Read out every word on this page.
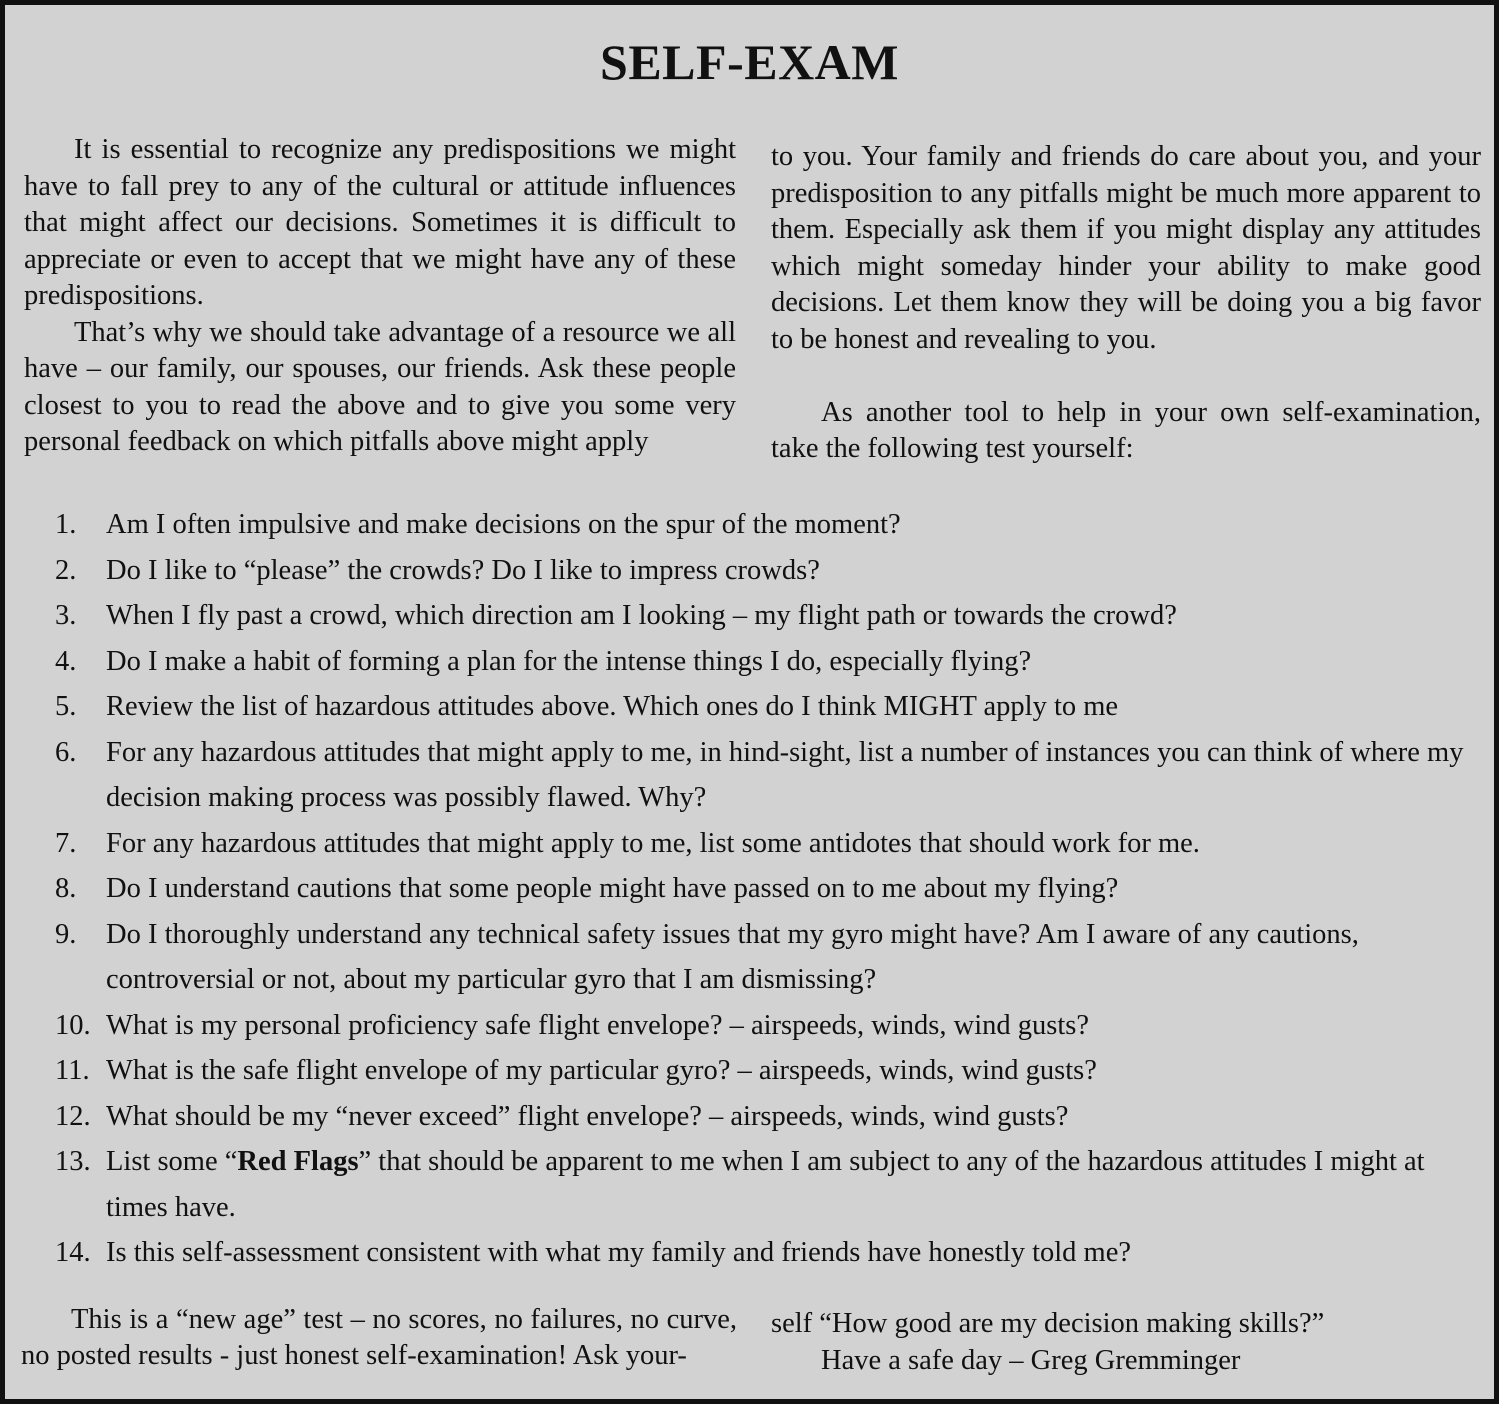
SELF-EXAM

It is essential to recognize any predispositions we might have to fall prey to any of the cultural or attitude influences that might affect our decisions. Sometimes it is difficult to appreciate or even to accept that we might have any of these predispositions.

That’s why we should take advantage of a resource we all have – our family, our spouses, our friends. Ask these people closest to you to read the above and to give you some very personal feedback on which pitfalls above might apply

to you. Your family and friends do care about you, and your predisposition to any pitfalls might be much more apparent to them. Especially ask them if you might display any attitudes which might someday hinder your ability to make good decisions. Let them know they will be doing you a big favor to be honest and revealing to you.

As another tool to help in your own self-examination, take the following test yourself:

1.	Am I often impulsive and make decisions on the spur of the moment?
2.	Do I like to “please” the crowds? Do I like to impress crowds?
3.	When I fly past a crowd, which direction am I looking – my flight path or towards the crowd?
4.	Do I make a habit of forming a plan for the intense things I do, especially flying?
5.	Review the list of hazardous attitudes above. Which ones do I think MIGHT apply to me
6.	For any hazardous attitudes that might apply to me, in hind-sight, list a number of instances you can think of where my decision making process was possibly flawed. Why?
7.	For any hazardous attitudes that might apply to me, list some antidotes that should work for me.
8.	Do I understand cautions that some people might have passed on to me about my flying?
9.	Do I thoroughly understand any technical safety issues that my gyro might have? Am I aware of any cautions, controversial or not, about my particular gyro that I am dismissing?
10. What is my personal proficiency safe flight envelope? – airspeeds, winds, wind gusts?
11. What is the safe flight envelope of my particular gyro? – airspeeds, winds, wind gusts?
12. What should be my “never exceed” flight envelope? – airspeeds, winds, wind gusts?
13. List some “Red Flags” that should be apparent to me when I am subject to any of the hazardous attitudes I might at times have.
14. Is this self-assessment consistent with what my family and friends have honestly told me?

This is a “new age” test – no scores, no failures, no curve, no posted results - just honest self-examination! Ask your-

self “How good are my decision making skills?”
Have a safe day – Greg Gremminger
